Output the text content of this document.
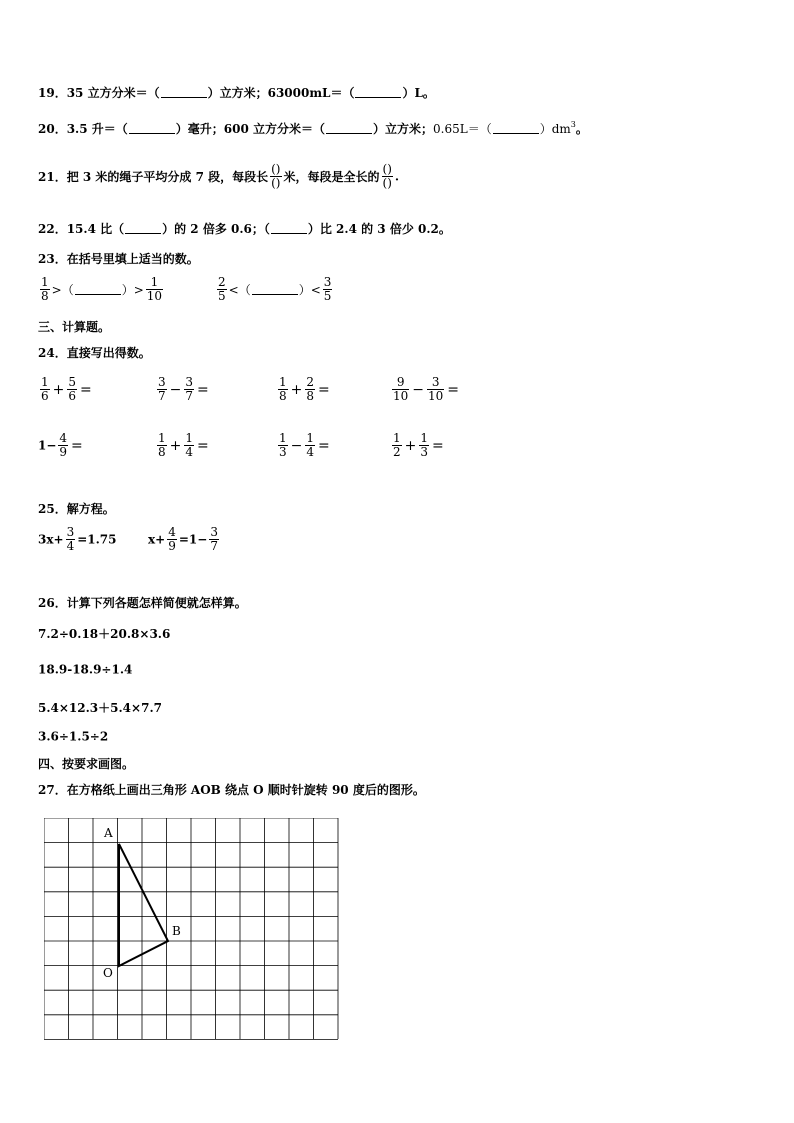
19．35 立方分米＝（	）立方米；63000mL＝（	）L。
20．3.5 升＝（	）毫升；600 立方分米＝（	）立方米；0.65L＝（	）$dm^3$。
21．把 3 米的绳子平均分成 7 段，每段长 $\frac{()}{()}$ 米，每段是全长的 $\frac{()}{()}$ .
22．15.4 比（	）的 2 倍多 0.6；（	）比 2.4 的 3 倍少 0.2。
23．在括号里填上适当的数。
$\frac{1}{8}$ >（	）> $\frac{1}{10}$	$\frac{2}{5}$ <（	）< $\frac{3}{5}$
三、计算题。
24．直接写出得数。
$\frac{1}{6} + \frac{5}{6}$ =	$\frac{3}{7} - \frac{3}{7}$ =	$\frac{1}{8} + \frac{2}{8}$ =	$\frac{9}{10} - \frac{3}{10}$ =
$1- \frac{4}{9}$ =	$\frac{1}{8} + \frac{1}{4}$ =	$\frac{1}{3} - \frac{1}{4}$ =	$\frac{1}{2} + \frac{1}{3}$ =
25．解方程。
$3x+ \frac{3}{4} =1.75$	$x+ \frac{4}{9} =1- \frac{3}{7}$
26．计算下列各题怎样简便就怎样算。
7.2÷0.18＋20.8×3.6
18.9-18.9÷1.4
5.4×12.3＋5.4×7.7
3.6÷1.5÷2
四、按要求画图。
27．在方格纸上画出三角形 AOB 绕点 O 顺时针旋转 90 度后的图形。
A
B
O
